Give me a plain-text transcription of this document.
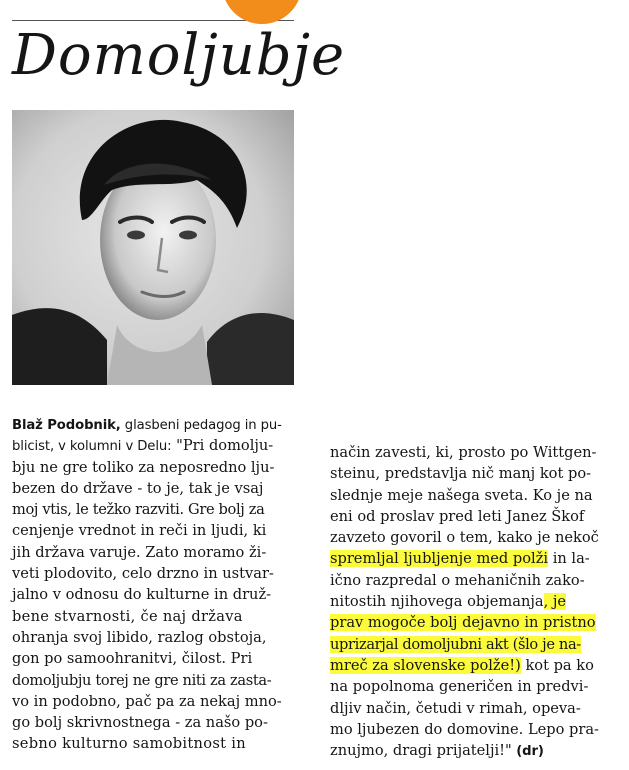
Domoljubje
Blaž Podobnik, glasbeni pedagog in pu-
blicist, v kolumni v Delu: "Pri domolju-
bju ne gre toliko za neposredno lju-
bezen do države - to je, tak je vsaj
moj vtis, le težko razviti. Gre bolj za
cenjenje vrednot in reči in ljudi, ki
jih država varuje. Zato moramo ži-
veti plodovito, celo drzno in ustvar-
jalno v odnosu do kulturne in druž-
bene stvarnosti, če naj država
ohranja svoj libido, razlog obstoja,
gon po samoohranitvi, čilost. Pri
domoljubju torej ne gre niti za zasta-
vo in podobno, pač pa za nekaj mno-
go bolj skrivnostnega - za našo po-
sebno kulturno samobitnost in
način zavesti, ki, prosto po Wittgen-
steinu, predstavlja nič manj kot po-
slednje meje našega sveta. Ko je na
eni od proslav pred leti Janez Škof
zavzeto govoril o tem, kako je nekoč
spremljal ljubljenje med polži in la-
ično razpredal o mehaničnih zako-
nitostih njihovega objemanja, je
prav mogoče bolj dejavno in pristno
uprizarjal domoljubni akt (šlo je na-
mreč za slovenske polže!) kot pa ko
na popolnoma generičen in predvi-
dljiv način, četudi v rimah, opeva-
mo ljubezen do domovine. Lepo pra-
znujmo, dragi prijatelji!" (dr)
